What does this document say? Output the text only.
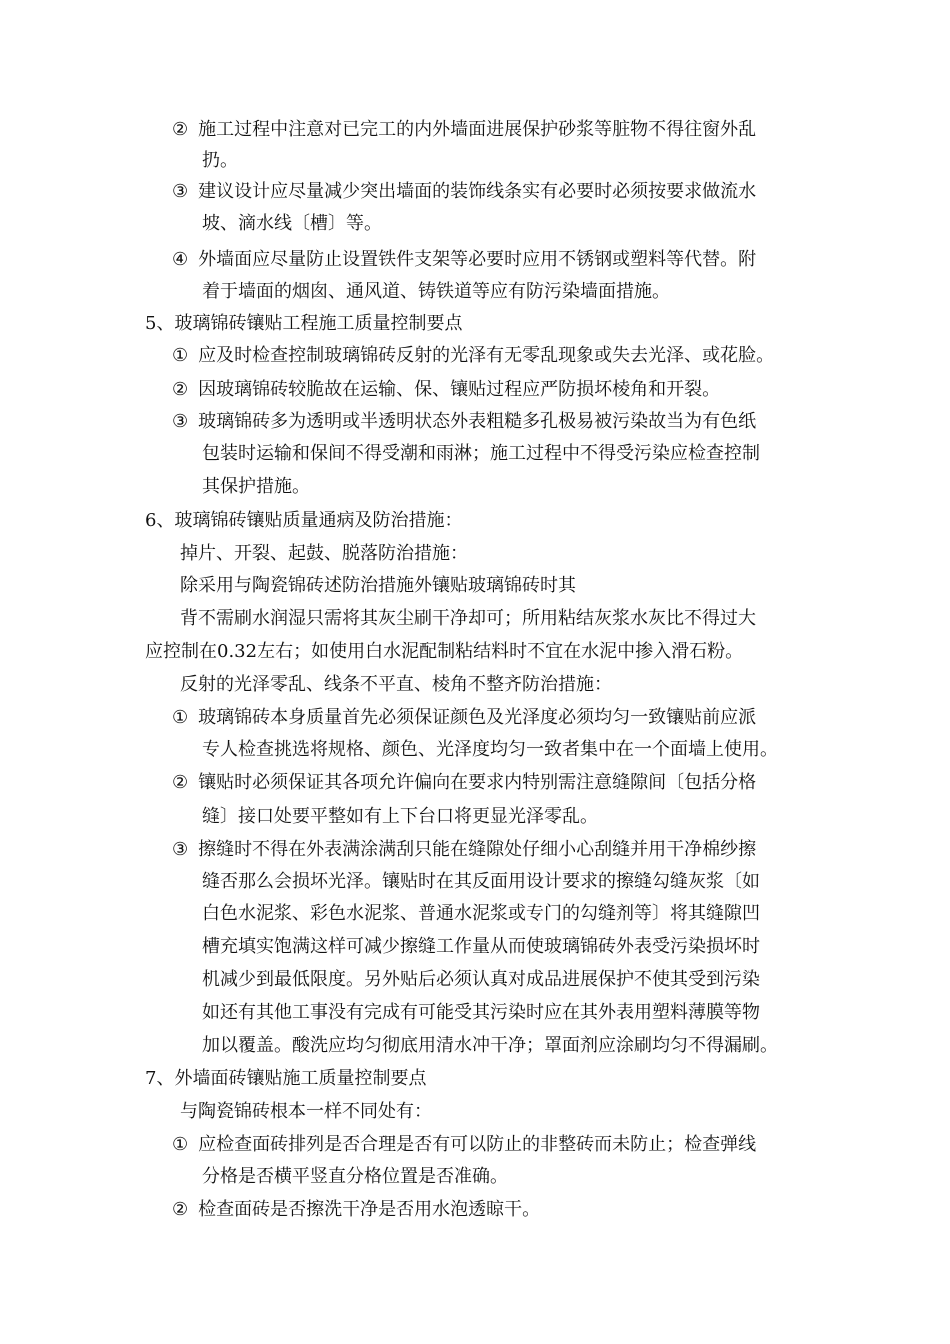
② 施工过程中注意对已完工的内外墙面进展保护砂浆等脏物不得往窗外乱
扔。
③ 建议设计应尽量减少突出墙面的装饰线条实有必要时必须按要求做流水
坡、滴水线〔槽〕等。
④ 外墙面应尽量防止设置铁件支架等必要时应用不锈钢或塑料等代替。附
着于墙面的烟囱、通风道、铸铁道等应有防污染墙面措施。
5、玻璃锦砖镶贴工程施工质量控制要点
① 应及时检查控制玻璃锦砖反射的光泽有无零乱现象或失去光泽、或花脸。
② 因玻璃锦砖较脆故在运输、保、镶贴过程应严防损坏棱角和开裂。
③ 玻璃锦砖多为透明或半透明状态外表粗糙多孔极易被污染故当为有色纸
包装时运输和保间不得受潮和雨淋；施工过程中不得受污染应检查控制
其保护措施。
6、玻璃锦砖镶贴质量通病及防治措施：
掉片、开裂、起鼓、脱落防治措施：
除采用与陶瓷锦砖述防治措施外镶贴玻璃锦砖时其
背不需刷水润湿只需将其灰尘刷干净却可；所用粘结灰浆水灰比不得过大
应控制在0.32左右；如使用白水泥配制粘结料时不宜在水泥中掺入滑石粉。
反射的光泽零乱、线条不平直、棱角不整齐防治措施：
① 玻璃锦砖本身质量首先必须保证颜色及光泽度必须均匀一致镶贴前应派
专人检查挑选将规格、颜色、光泽度均匀一致者集中在一个面墙上使用。
② 镶贴时必须保证其各项允许偏向在要求内特别需注意缝隙间〔包括分格
缝〕接口处要平整如有上下台口将更显光泽零乱。
③ 擦缝时不得在外表满涂满刮只能在缝隙处仔细小心刮缝并用干净棉纱擦
缝否那么会损坏光泽。镶贴时在其反面用设计要求的擦缝勾缝灰浆〔如
白色水泥浆、彩色水泥浆、普通水泥浆或专门的勾缝剂等〕将其缝隙凹
槽充填实饱满这样可减少擦缝工作量从而使玻璃锦砖外表受污染损坏时
机减少到最低限度。另外贴后必须认真对成品进展保护不使其受到污染
如还有其他工事没有完成有可能受其污染时应在其外表用塑料薄膜等物
加以覆盖。酸洗应均匀彻底用清水冲干净；罩面剂应涂刷均匀不得漏刷。
7、外墙面砖镶贴施工质量控制要点
与陶瓷锦砖根本一样不同处有：
① 应检查面砖排列是否合理是否有可以防止的非整砖而未防止；检查弹线
分格是否横平竖直分格位置是否准确。
② 检查面砖是否擦洗干净是否用水泡透晾干。
